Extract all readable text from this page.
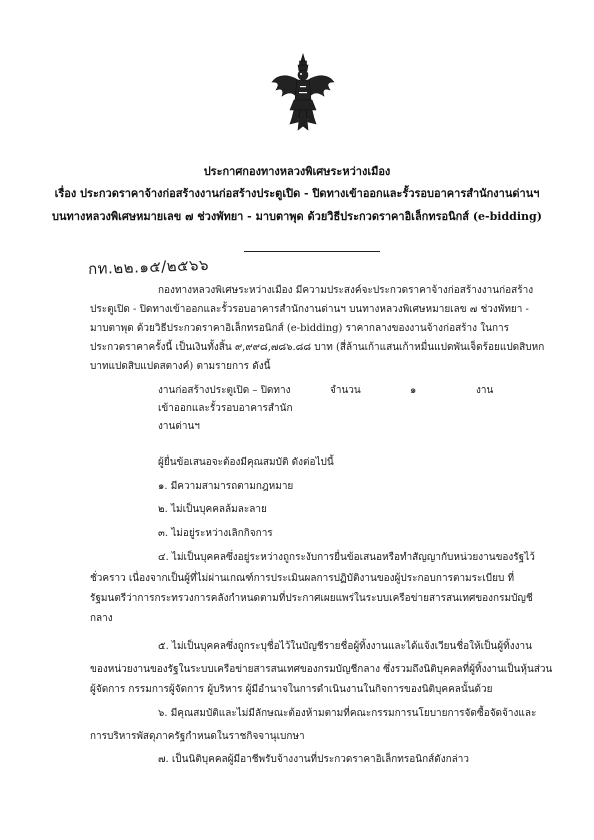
ประกาศกองทางหลวงพิเศษระหว่างเมือง
เรื่อง ประกวดราคาจ้างก่อสร้างงานก่อสร้างประตูเปิด - ปิดทางเข้าออกและรั้วรอบอาคารสำนักงานด่านฯ
บนทางหลวงพิเศษหมายเลข ๗ ช่วงพัทยา - มาบตาพุด ด้วยวิธีประกวดราคาอิเล็กทรอนิกส์ (e-bidding)
กท.๒๒.๑๕/๒๕๖๖
กองทางหลวงพิเศษระหว่างเมือง มีความประสงค์จะประกวดราคาจ้างก่อสร้างงานก่อสร้าง
ประตูเปิด - ปิดทางเข้าออกและรั้วรอบอาคารสำนักงานด่านฯ บนทางหลวงพิเศษหมายเลข ๗ ช่วงพัทยา -
มาบตาพุด ด้วยวิธีประกวดราคาอิเล็กทรอนิกส์ (e-bidding) ราคากลางของงานจ้างก่อสร้าง ในการ
ประกวดราคาครั้งนี้ เป็นเงินทั้งสิ้น ๙,๙๙๘,๗๘๖.๘๘ บาท (สี่ล้านเก้าแสนเก้าหมื่นแปดพันเจ็ดร้อยแปดสิบหก
บาทแปดสิบแปดสตางค์) ตามรายการ ดังนี้
งานก่อสร้างประตูเปิด – ปิดทาง
เข้าออกและรั้วรอบอาคารสำนัก
งานด่านฯ
จำนวน	๑	งาน
ผู้ยื่นข้อเสนอจะต้องมีคุณสมบัติ ดังต่อไปนี้
๑. มีความสามารถตามกฎหมาย
๒. ไม่เป็นบุคคลล้มละลาย
๓. ไม่อยู่ระหว่างเลิกกิจการ
๔. ไม่เป็นบุคคลซึ่งอยู่ระหว่างถูกระงับการยื่นข้อเสนอหรือทำสัญญากับหน่วยงานของรัฐไว้
ชั่วคราว เนื่องจากเป็นผู้ที่ไม่ผ่านเกณฑ์การประเมินผลการปฏิบัติงานของผู้ประกอบการตามระเบียบ ที่
รัฐมนตรีว่าการกระทรวงการคลังกำหนดตามที่ประกาศเผยแพร่ในระบบเครือข่ายสารสนเทศของกรมบัญชี
กลาง
๕. ไม่เป็นบุคคลซึ่งถูกระบุชื่อไว้ในบัญชีรายชื่อผู้ทิ้งงานและได้แจ้งเวียนชื่อให้เป็นผู้ทิ้งงาน
ของหน่วยงานของรัฐในระบบเครือข่ายสารสนเทศของกรมบัญชีกลาง ซึ่งรวมถึงนิติบุคคลที่ผู้ทิ้งงานเป็นหุ้นส่วน
ผู้จัดการ กรรมการผู้จัดการ ผู้บริหาร ผู้มีอำนาจในการดำเนินงานในกิจการของนิติบุคคลนั้นด้วย
๖. มีคุณสมบัติและไม่มีลักษณะต้องห้ามตามที่คณะกรรมการนโยบายการจัดซื้อจัดจ้างและ
การบริหารพัสดุภาครัฐกำหนดในราชกิจจานุเบกษา
๗. เป็นนิติบุคคลผู้มีอาชีพรับจ้างงานที่ประกวดราคาอิเล็กทรอนิกส์ดังกล่าว
